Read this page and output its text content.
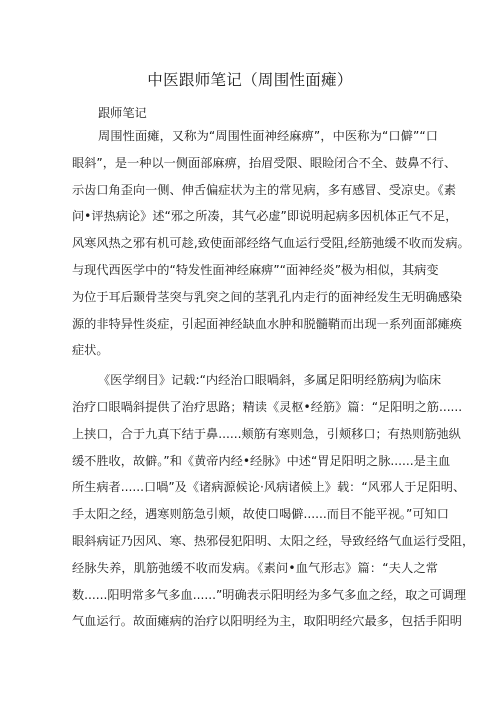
中医跟师笔记（周围性面瘫）
跟师笔记
周围性面瘫，又称为“周围性面神经麻痹”，中医称为“口僻”“口
眼斜”，是一种以一侧面部麻痹，抬眉受限、眼睑闭合不全、鼓鼻不行、
示齿口角歪向一侧、伸舌偏症状为主的常见病，多有感冒、受凉史。《素
问•评热病论》述“邪之所凑，其气必虚”即说明起病多因机体正气不足，
风寒风热之邪有机可趁,致使面部经络气血运行受阻,经筋弛缓不收而发病。
与现代西医学中的“特发性面神经麻痹”“面神经炎”极为相似，其病变
为位于耳后颞骨茎突与乳突之间的茎乳孔内走行的面神经发生无明确感染
源的非特异性炎症，引起面神经缺血水肿和脱髓鞘而出现一系列面部瘫痪
症状。
《医学纲目》记载:“内经治口眼喎斜，多属足阳明经筋病J为临床
治疗口眼喎斜提供了治疗思路；精读《灵枢•经筋》篇：“足阳明之筋......
上挟口，合于九真下结于鼻......颊筋有寒则急，引颊移口；有热则筋弛纵
缓不胜收，故僻。”和《黄帝内经•经脉》中述“胃足阳明之脉......是主血
所生病者......口喎”及《诸病源候论·风病诸候上》载：“风邪人于足阳明、
手太阳之经，遇寒则筋急引颊，故使口喝僻......而目不能平视。”可知口
眼斜病证乃因风、寒、热邪侵犯阳明、太阳之经，导致经络气血运行受阻，
经脉失养，肌筋弛缓不收而发病。《素问•血气形志》篇：“夫人之常
数......阳明常多气多血......”明确表示阳明经为多气多血之经，取之可调理
气血运行。故面瘫病的治疗以阳明经为主，取阳明经穴最多，包括手阳明
